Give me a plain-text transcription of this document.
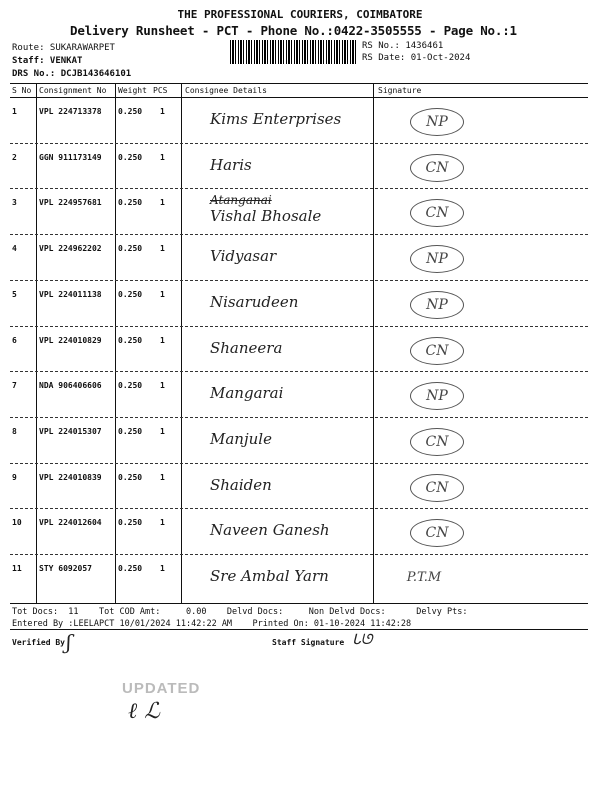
THE PROFESSIONAL COURIERS, COIMBATORE
Delivery Runsheet - PCT - Phone No.:0422-3505555 - Page No.:1
Route: SUKARAWARPET
Staff: VENKAT
DRS No.: DCJB143646101
RS No.: 1436461
RS Date: 01-Oct-2024
S No Consignment No Weight PCS Consignee Details	Signature
1	VPL 224713378 0.250 1	Kims Enterprises	NP
2	GGN 911173149 0.250 1	Haris	CN
3	VPL 224957681 0.250 1	Atanganai
Vishal Bhosale	CN
4	VPL 224962202 0.250 1	Vidyasar	NP
5	VPL 224011138 0.250 1	Nisarudeen	NP
6	VPL 224010829 0.250 1	Shaneera	CN
7	NDA 906406606 0.250 1	Mangarai	NP
8	VPL 224015307 0.250 1	Manjule	CN
9	VPL 224010839 0.250 1	Shaiden	CN
10 VPL 224012604 0.250 1	Naveen Ganesh	CN
11 STY 6092057	0.250 1	Sre Ambal Yarn	P.T.M
Tot Docs:  11    Tot COD Amt:     0.00    Delvd Docs:     Non Delvd Docs:      Delvy Pts:
Entered By :LEELAPCT 10/01/2024 11:42:22 AM    Printed On: 01-10-2024 11:42:28
Verified By ʃ	Staff Signature ᒐᘎ
UPDATED
ℓ ℒ
